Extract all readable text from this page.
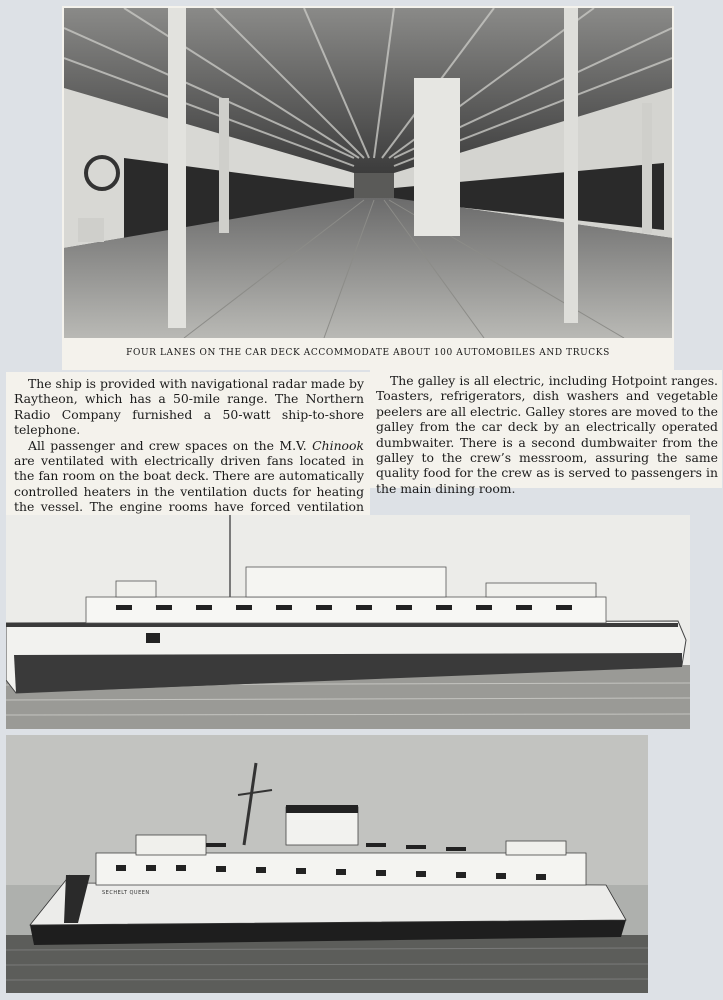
FOUR LANES ON THE CAR DECK ACCOMMODATE ABOUT 100 AUTOMOBILES AND TRUCKS

The ship is provided with navigational radar made by Raytheon, which has a 50-mile range. The Northern Radio Company furnished a 50-watt ship-to-shore telephone.

All passenger and crew spaces on the M.V. Chinook are ventilated with electrically driven fans located in the fan room on the boat deck. There are automatically controlled heaters in the ventilation ducts for heating the vessel. The engine rooms have forced ventilation

The galley is all electric, including Hotpoint ranges. Toasters, refrigerators, dish washers and vegetable peelers are all electric. Galley stores are moved to the galley from the car deck by an electrically operated dumbwaiter. There is a second dumbwaiter from the galley to the crew’s messroom, assuring the same quality food for the crew as is served to passengers in the main dining room.

SECHELT QUEEN
